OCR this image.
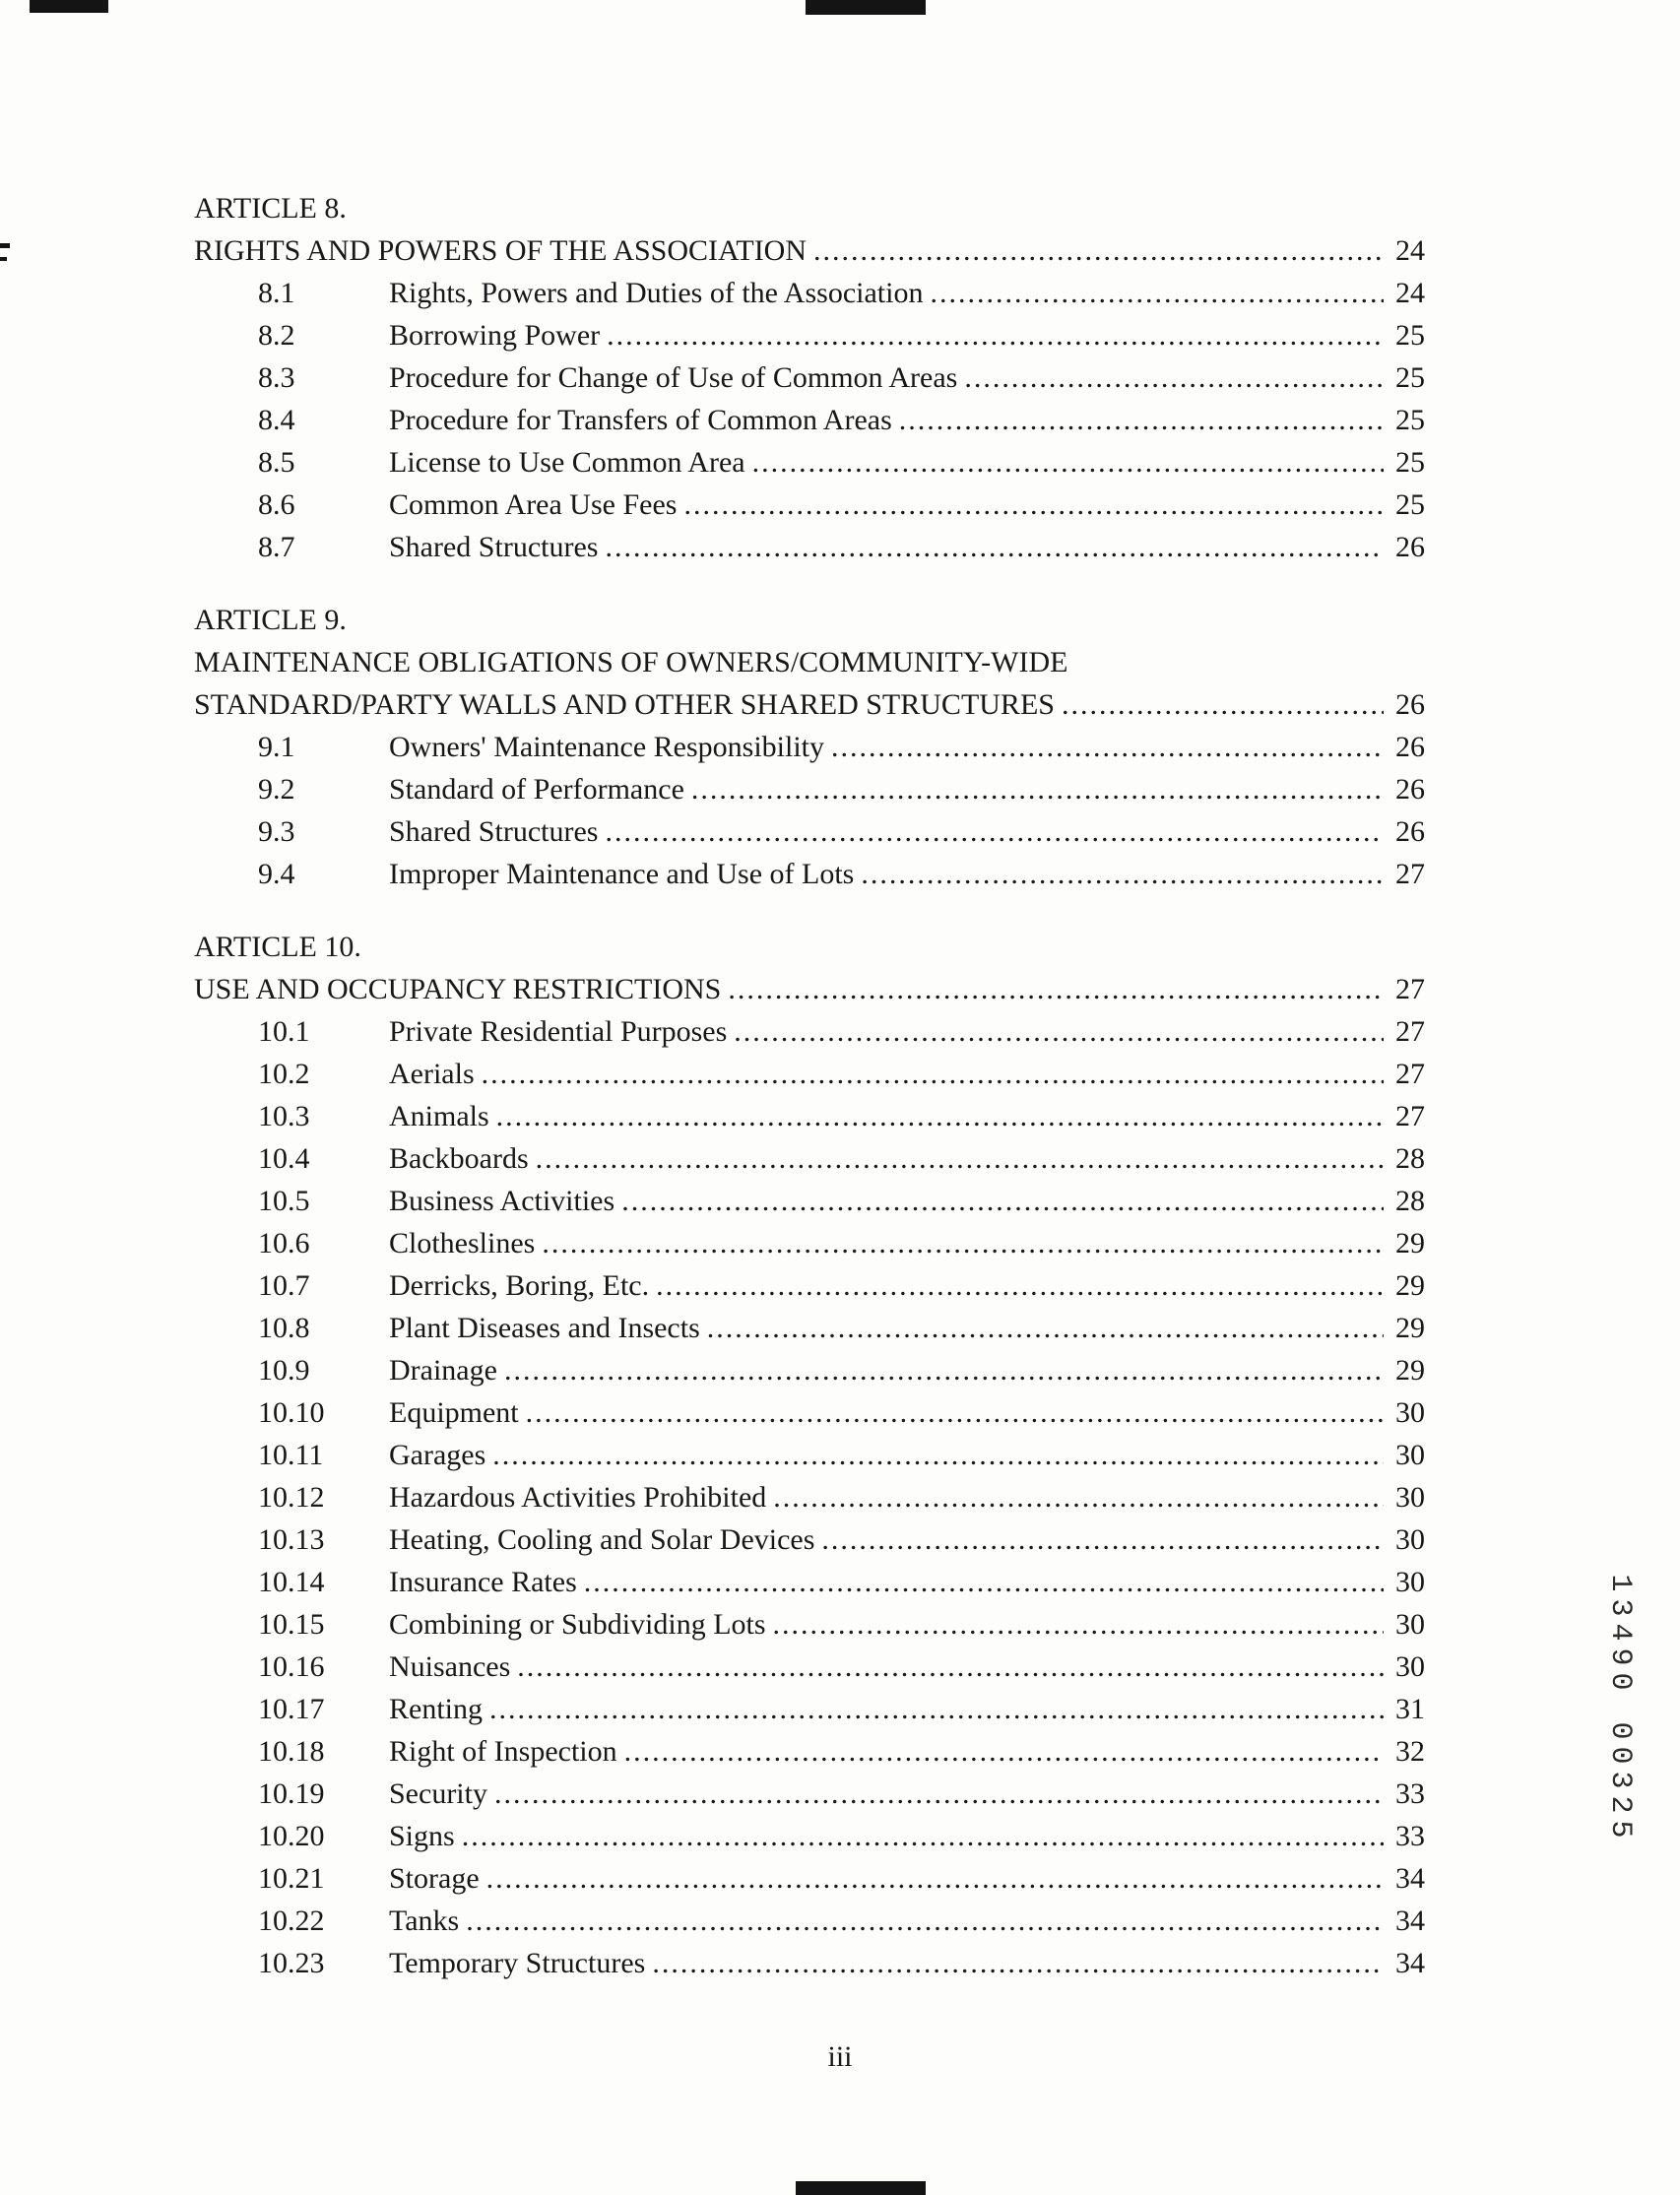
ARTICLE 8.
RIGHTS AND POWERS OF THE ASSOCIATION .....	24
8.1	Rights, Powers and Duties of the Association .....	24
8.2	Borrowing Power .....	25
8.3	Procedure for Change of Use of Common Areas .....	25
8.4	Procedure for Transfers of Common Areas .....	25
8.5	License to Use Common Area .....	25
8.6	Common Area Use Fees .....	25
8.7	Shared Structures .....	26
ARTICLE 9.
MAINTENANCE OBLIGATIONS OF OWNERS/COMMUNITY-WIDE
STANDARD/PARTY WALLS AND OTHER SHARED STRUCTURES .....	26
9.1	Owners' Maintenance Responsibility .....	26
9.2	Standard of Performance .....	26
9.3	Shared Structures .....	26
9.4	Improper Maintenance and Use of Lots .....	27
ARTICLE 10.
USE AND OCCUPANCY RESTRICTIONS .....	27
10.1	Private Residential Purposes .....	27
10.2	Aerials .....	27
10.3	Animals .....	27
10.4	Backboards .....	28
10.5	Business Activities .....	28
10.6	Clotheslines .....	29
10.7	Derricks, Boring, Etc. .....	29
10.8	Plant Diseases and Insects .....	29
10.9	Drainage .....	29
10.10	Equipment .....	30
10.11	Garages .....	30
10.12	Hazardous Activities Prohibited .....	30
10.13	Heating, Cooling and Solar Devices .....	30
10.14	Insurance Rates .....	30
10.15	Combining or Subdividing Lots .....	30
10.16	Nuisances .....	30
10.17	Renting .....	31
10.18	Right of Inspection .....	32
10.19	Security .....	33
10.20	Signs .....	33
10.21	Storage .....	34
10.22	Tanks .....	34
10.23	Temporary Structures .....	34
13490 00325
iii
